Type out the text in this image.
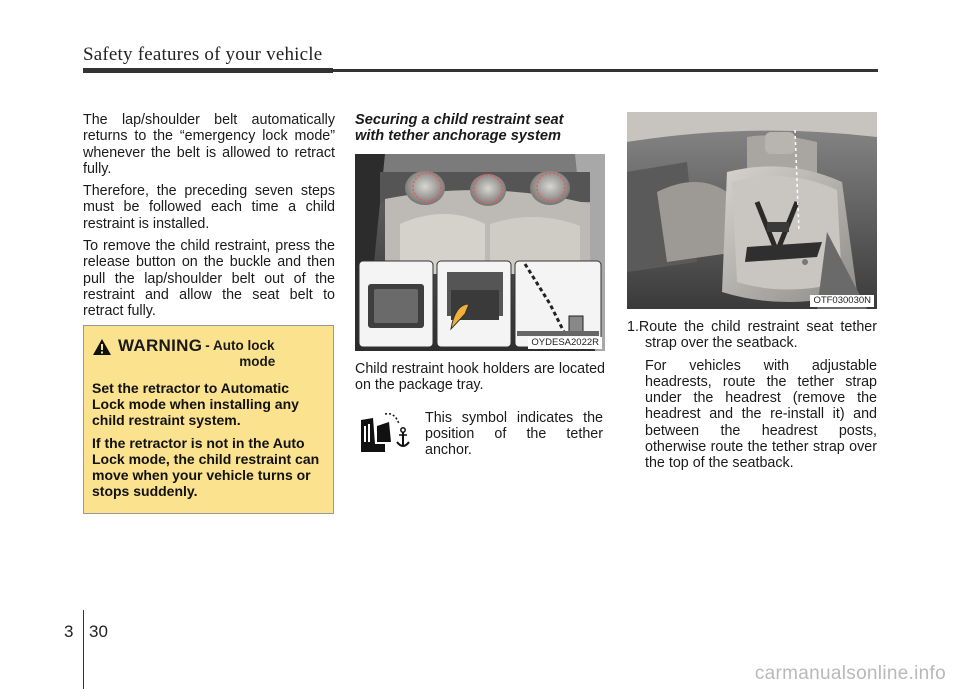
Safety features of your vehicle

The lap/shoulder belt automatically returns to the “emergency lock mode” whenever the belt is allowed to retract fully.

Therefore, the preceding seven steps must be followed each time a child restraint is installed.

To remove the child restraint, press the release button on the buckle and then pull the lap/shoulder belt out of the restraint and allow the seat belt to retract fully.

WARNING - Auto lock
mode

Set the retractor to Automatic Lock mode when installing any child restraint system.

If the retractor is not in the Auto Lock mode, the child restraint can move when your vehicle turns or stops suddenly.

Securing a child restraint seat
with tether anchorage system
OYDESA2022R

Child restraint hook holders are located on the package tray.

This symbol indicates the position of the tether anchor.

OTF030030N

1.Route the child restraint seat tether strap over the seatback.

For vehicles with adjustable headrests, route the tether strap under the headrest (remove the headrest and the re-install it) and between the headrest posts, otherwise route the tether strap over the top of the seatback.

3 30
carmanualsonline.info
